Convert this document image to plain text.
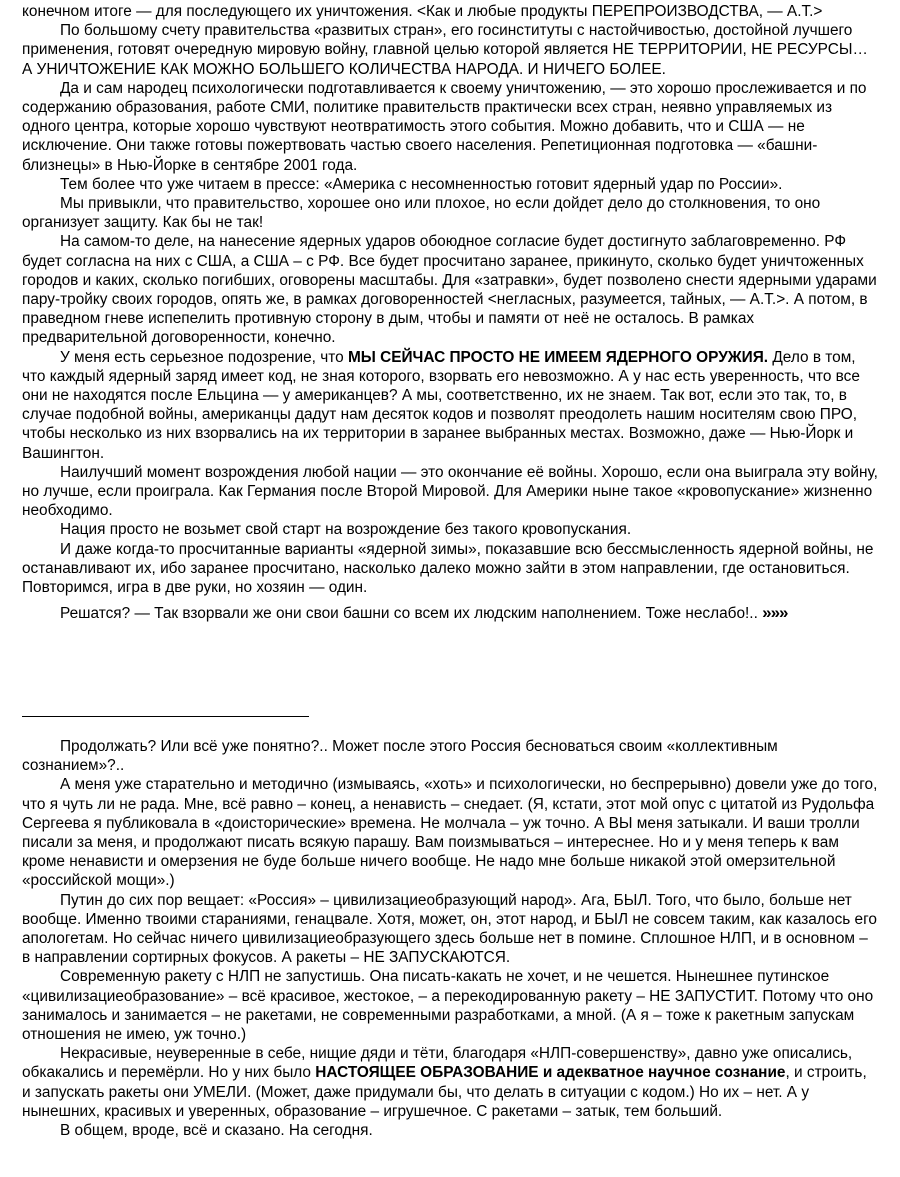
конечном итоге — для последующего их уничтожения. <Как и любые продукты ПЕРЕПРОИЗВОДСТВА, — А.Т.>

По большому счету правительства «развитых стран», его госинституты с настойчивостью, достойной лучшего применения, готовят очередную мировую войну, главной целью которой является НЕ ТЕРРИТОРИИ, НЕ РЕСУРСЫ… А УНИЧТОЖЕНИЕ КАК МОЖНО БОЛЬШЕГО КОЛИЧЕСТВА НАРОДА. И НИЧЕГО БОЛЕЕ.

Да и сам народец психологически подготавливается к своему уничтожению, — это хорошо прослеживается и по содержанию образования, работе СМИ, политике правительств практически всех стран, неявно управляемых из одного центра, которые хорошо чувствуют неотвратимость этого события. Можно добавить, что и США — не исключение. Они также готовы пожертвовать частью своего населения. Репетиционная подготовка — «башни-близнецы» в Нью-Йорке в сентябре 2001 года.

Тем более что уже читаем в прессе: «Америка с несомненностью готовит ядерный удар по России».

Мы привыкли, что правительство, хорошее оно или плохое, но если дойдет дело до столкновения, то оно организует защиту. Как бы не так!

На самом-то деле, на нанесение ядерных ударов обоюдное согласие будет достигнуто заблаговременно. РФ будет согласна на них с США, а США – с РФ. Все будет просчитано заранее, прикинуто, сколько будет уничтоженных городов и каких, сколько погибших, оговорены масштабы. Для «затравки», будет позволено снести ядерными ударами пару-тройку своих городов, опять же, в рамках договоренностей <негласных, разумеется, тайных, — А.Т.>. А потом, в праведном гневе испепелить противную сторону в дым, чтобы и памяти от неё не осталось. В рамках предварительной договоренности, конечно.

У меня есть серьезное подозрение, что МЫ СЕЙЧАС ПРОСТО НЕ ИМЕЕМ ЯДЕРНОГО ОРУЖИЯ. Дело в том, что каждый ядерный заряд имеет код, не зная которого, взорвать его невозможно. А у нас есть уверенность, что все они не находятся после Ельцина — у американцев? А мы, соответственно, их не знаем. Так вот, если это так, то, в случае подобной войны, американцы дадут нам десяток кодов и позволят преодолеть нашим носителям свою ПРО, чтобы несколько из них взорвались на их территории в заранее выбранных местах. Возможно, даже — Нью-Йорк и Вашингтон.

Наилучший момент возрождения любой нации — это окончание её войны. Хорошо, если она выиграла эту войну, но лучше, если проиграла. Как Германия после Второй Мировой. Для Америки ныне такое «кровопускание» жизненно необходимо.

Нация просто не возьмет свой старт на возрождение без такого кровопускания.

И даже когда-то просчитанные варианты «ядерной зимы», показавшие всю бессмысленность ядерной войны, не останавливают их, ибо заранее просчитано, насколько далеко можно зайти в этом направлении, где остановиться. Повторимся, игра в две руки, но хозяин — один.

Решатся? — Так взорвали же они свои башни со всем их людским наполнением. Тоже неслабо!.. »»»

Продолжать? Или всё уже понятно?.. Может после этого Россия бесноваться своим «коллективным сознанием»?..

А меня уже старательно и методично (измываясь, «хоть» и психологически, но беспрерывно) довели уже до того, что я чуть ли не рада. Мне, всё равно – конец, а ненависть – снедает. (Я, кстати, этот мой опус с цитатой из Рудольфа Сергеева я публиковала в «доисторические» времена. Не молчала – уж точно. А ВЫ меня затыкали. И ваши тролли писали за меня, и продолжают писать всякую парашу. Вам поизмываться – интереснее. Но и у меня теперь к вам кроме ненависти и омерзения не буде больше ничего вообще. Не надо мне больше никакой этой омерзительной «российской мощи».)

Путин до сих пор вещает: «Россия» – цивилизациеобразующий народ». Ага, БЫЛ. Того, что было, больше нет вообще. Именно твоими стараниями, генацвале. Хотя, может, он, этот народ, и БЫЛ не совсем таким, как казалось его апологетам. Но сейчас ничего цивилизациеобразующего здесь больше нет в помине. Сплошное НЛП, и в основном – в направлении сортирных фокусов. А ракеты – НЕ ЗАПУСКАЮТСЯ.

Современную ракету с НЛП не запустишь. Она писать-какать не хочет, и не чешется. Нынешнее путинское «цивилизациеобразование» – всё красивое, жестокое, – а перекодированную ракету – НЕ ЗАПУСТИТ. Потому что оно занималось и занимается – не ракетами, не современными разработками, а мной. (А я – тоже к ракетным запускам отношения не имею, уж точно.)

Некрасивые, неуверенные в себе, нищие дяди и тёти, благодаря «НЛП-совершенству», давно уже описались, обкакались и перемёрли. Но у них было НАСТОЯЩЕЕ ОБРАЗОВАНИЕ и адекватное научное сознание, и строить, и запускать ракеты они УМЕЛИ. (Может, даже придумали бы, что делать в ситуации с кодом.) Но их – нет. А у нынешних, красивых и уверенных, образование – игрушечное. С ракетами – затык, тем больший.

В общем, вроде, всё и сказано. На сегодня.
